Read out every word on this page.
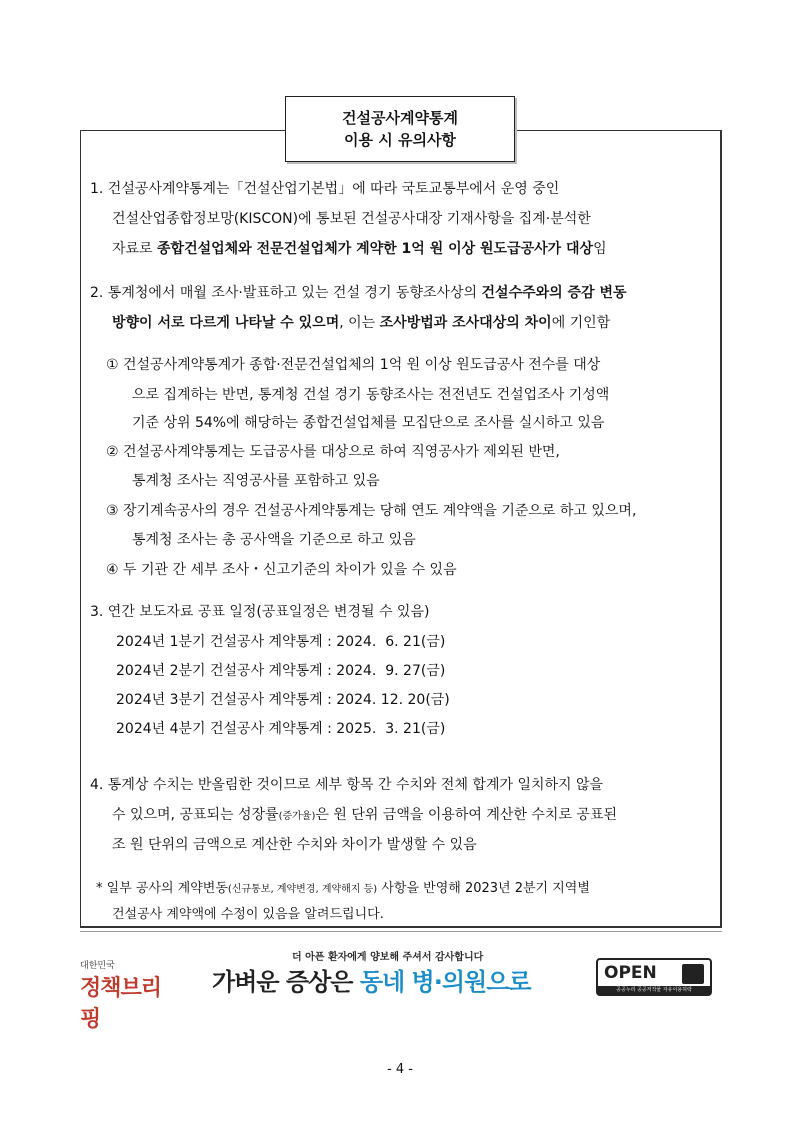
건설공사계약통계
이용 시 유의사항
1. 건설공사계약통계는「건설산업기본법」에 따라 국토교통부에서 운영 중인
건설산업종합정보망(KISCON)에 통보된 건설공사대장 기재사항을 집계·분석한
자료로 종합건설업체와 전문건설업체가 계약한 1억 원 이상 원도급공사가 대상임
2. 통계청에서 매월 조사·발표하고 있는 건설 경기 동향조사상의 건설수주와의 증감 변동
방향이 서로 다르게 나타날 수 있으며, 이는 조사방법과 조사대상의 차이에 기인함
① 건설공사계약통계가 종합·전문건설업체의 1억 원 이상 원도급공사 전수를 대상
으로 집계하는 반면, 통계청 건설 경기 동향조사는 전전년도 건설업조사 기성액
기준 상위 54%에 해당하는 종합건설업체를 모집단으로 조사를 실시하고 있음
② 건설공사계약통계는 도급공사를 대상으로 하여 직영공사가 제외된 반면,
통계청 조사는 직영공사를 포함하고 있음
③ 장기계속공사의 경우 건설공사계약통계는 당해 연도 계약액을 기준으로 하고 있으며,
통계청 조사는 총 공사액을 기준으로 하고 있음
④ 두 기관 간 세부 조사・신고기준의 차이가 있을 수 있음
3. 연간 보도자료 공표 일정(공표일정은 변경될 수 있음)
2024년 1분기 건설공사 계약통계 : 2024.  6. 21(금)
2024년 2분기 건설공사 계약통계 : 2024.  9. 27(금)
2024년 3분기 건설공사 계약통계 : 2024. 12. 20(금)
2024년 4분기 건설공사 계약통계 : 2025.  3. 21(금)
4. 통계상 수치는 반올림한 것이므로 세부 항목 간 수치와 전체 합계가 일치하지 않을
수 있으며, 공표되는 성장률(증가율)은 원 단위 금액을 이용하여 계산한 수치로 공표된
조 원 단위의 금액으로 계산한 수치와 차이가 발생할 수 있음
* 일부 공사의 계약변동(신규통보, 계약변경, 계약해지 등) 사항을 반영해 2023년 2분기 지역별
건설공사 계약액에 수정이 있음을 알려드립니다.
대한민국
정책브리핑
더 아픈 환자에게 양보해 주셔서 감사합니다
가벼운 증상은 동네 병·의원으로	OPEN
공공누리 공공저작물 자유이용허락
- 4 -
